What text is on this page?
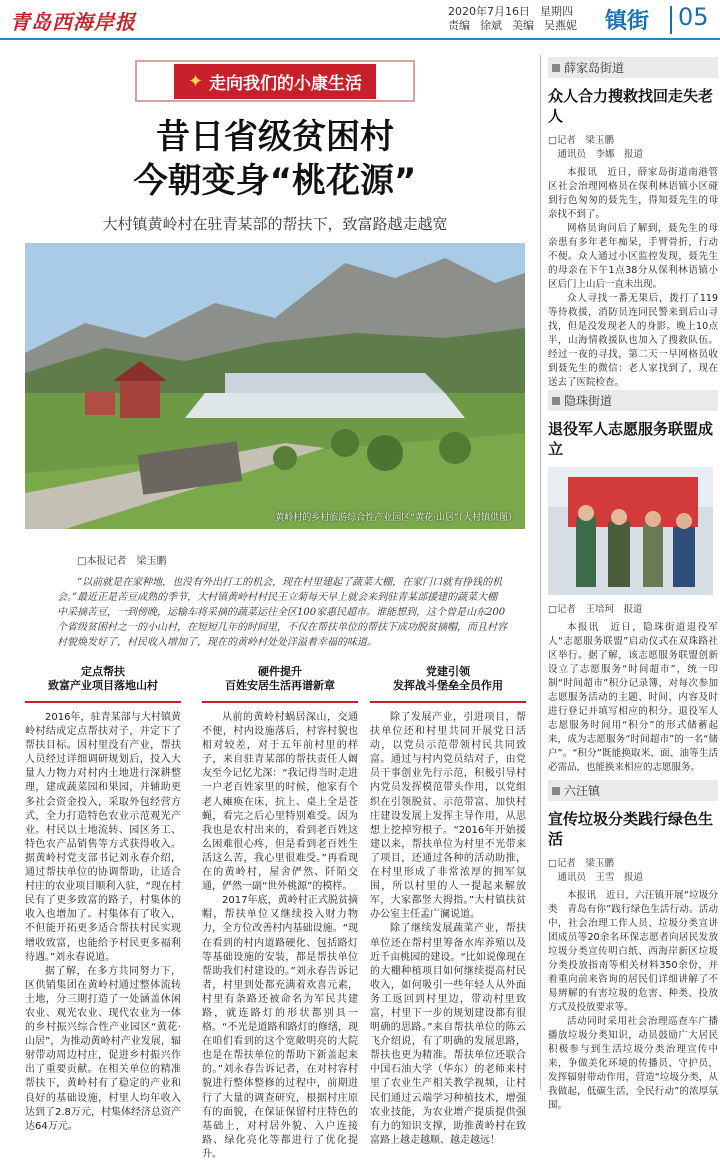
青岛西海岸报	2020年7月16日 星期四
责编 徐斌 美编 吴燕妮 镇街 05
✦ 走向我们的小康生活
昔日省级贫困村
今朝变身“桃花源”
大村镇黄岭村在驻青某部的帮扶下，致富路越走越宽
黄岭村的乡村旅游综合性产业园区“黄花·山居”（大村镇供图）
□本报记者　梁玉鹏
“以前就是在家种地，也没有外出打工的机会，现在村里建起了蔬菜大棚，在家门口就有挣钱的机会。”最近正是苦豆成熟的季节，大村镇黄岭村村民王立菊每天早上就会来到驻青某部援建的蔬菜大棚中采摘苦豆，一到傍晚，运输车将采摘的蔬菜运往全区100家惠民超市。谁能想到，这个曾是山东200个省级贫困村之一的小山村，在短短几年的时间里，不仅在帮扶单位的帮扶下成功脱贫摘帽，而且村容村貌焕发好了，村民收入增加了，现在的黄岭村处处洋溢着幸福的味道。
定点帮扶
致富产业项目落地山村

2016年，驻青某部与大村镇黄岭村结成定点帮扶对子，并定下了帮扶目标。因村里没有产业，帮扶人员经过详细调研规划后，投入大量人力物力对村内土地进行深耕整理，建成蔬菜园和果园，并辅助更多社会资金投入，采取外包经营方式，全力打造特色农业示范观光产业。村民以土地流转、园区务工、特色农产品销售等方式获得收入。据黄岭村党支部书记刘永春介绍，通过帮扶单位的协调帮助，让适合村庄的农业项目顺利入驻，“现在村民有了更多致富的路子，村集体的收入也增加了。村集体有了收入，不但能开拓更多适合帮扶村民实现增收致富，也能给予村民更多福利待遇。”刘永春说道。

据了解，在多方共同努力下，区供销集团在黄岭村通过整体流转土地，分三期打造了一处涵盖休闲农业、观光农业、现代农业为一体的乡村振兴综合性产业园区“黄花·山居”，为推动黄岭村产业发展，辐射带动周边村庄，促进乡村振兴作出了重要贡献。在相关单位的精准帮扶下，黄岭村有了稳定的产业和良好的基础设施，村里人均年收入达到了2.8万元，村集体经济总资产达64万元。

硬件提升
百姓安居生活再谱新章

从前的黄岭村蜗居深山，交通不便，村内设施落后，村容村貌也相对较差，对于五年前村里的样子，来自驻青某部的帮扶责任人阚友至今记忆尤深：“我记得当时走进一户老百姓家里的时候，他家有个老人瘫痪在床，抗上、桌上全是苍蝇，看完之后心里特别难受。因为我也是农村出来的，看到老百姓这么困难很心疼，但是看到老百姓生活这么苦，我心里很难受。”再看现在的黄岭村，屋舍俨然、阡陌交通，俨然一副“世外桃源”的模样。

2017年底，黄岭村正式脱贫摘帽，帮扶单位又继续投入财力物力，全方位改善村内基础设施。“现在看到的村内道路硬化、包括路灯等基础设施的安装，都是帮扶单位帮助我们村建设的。”刘永春告诉记者，村里到处都充满着欢喜元素，村里有条路还被命名为军民共建路，就连路灯的形状都别具一格。“不光是道路和路灯的修缮，现在咱们看到的这个宽敞明亮的大院也是在帮扶单位的帮助下新盖起来的。”刘永春告诉记者，在对村容村貌进行整体整修的过程中，前期进行了大量的调查研究，根据村庄原有的面貌，在保证保留村庄特色的基础上，对村居外貌、入户连接路、绿化亮化等都进行了优化提升。

党建引领
发挥战斗堡垒全员作用

除了发展产业，引进项目，帮扶单位还和村里共同开展党日活动，以党员示范带领村民共同致富。通过与村内党员结对子，由党员干事创业先行示范，积极引导村内党员发挥模范带头作用，以党组织在引领脱贫、示范带富、加快村庄建设发展上发挥主导作用，从思想上挖掉穷根子。“2016年开始援建以来，帮扶单位为村里不光带来了项目，还通过各种的活动助推，在村里形成了非常浓厚的拥军氛围，所以村里的人一提起来解放军，大家都竖大拇指。”大村镇扶贫办公室主任孟广澜说道。

除了继续发展蔬菜产业，帮扶单位还在帮村里筹备水库养殖以及近千亩桃园的建设。“比如说像现在的大棚种植项目如何继续提高村民收入，如何吸引一些年轻人从外面务工返回到村里边，带动村里致富，村里下一步的规划建设都有很明确的思路。”来自帮扶单位的陈云飞介绍说，有了明确的发展思路，帮扶也更为精准。帮扶单位还联合中国石油大学（华东）的老师来村里了农业生产相关教学视频，让村民们通过云端学习种植技术，增强农业技能，为农业增产提质提供强有力的知识支撑，助推黄岭村在致富路上越走越顺、越走越远！

薛家岛街道
众人合力搜救找回走失老人
□记者　梁玉鹏
　通讯员　李娜　报道

本报讯　近日，薛家岛街道南港管区社会治理网格员在保利林语镇小区碰到行色匆匆的聂先生，得知聂先生的母亲找不到了。

网格员询问后了解到，聂先生的母亲患有多年老年痴呆，手臂骨折，行动不便。众人通过小区监控发现，聂先生的母亲在下午1点38分从保利林语镇小区后门上山后一直未出现。

众人寻找一番无果后，拨打了119等待救援，消防员连同民警来到后山寻找，但是没发现老人的身影。晚上10点半，山海情救援队也加入了搜救队伍。经过一夜的寻找，第二天一早网格员收到聂先生的微信：老人家找到了，现在送去了医院检查。

隐珠街道
退役军人志愿服务联盟成立
□记者　王培珂　报道

本报讯　近日，隐珠街道退役军人“志愿服务联盟”启动仪式在双珠路社区举行。据了解，该志愿服务联盟创新设立了志愿服务“时间超市”，统一印制“时间超市”积分记录簿，对每次参加志愿服务活动的主题、时间、内容及时进行登记并填写相应的积分。退役军人志愿服务时间用“积分”的形式储蓄起来，成为志愿服务“时间超市”的一名“储户”。“积分”既能换取米、面、油等生活必需品，也能换来相应的志愿服务。

六汪镇
宣传垃圾分类践行绿色生活
□记者　梁玉鹏
　通讯员　王雪　报道

本报讯　近日，六汪镇开展“垃圾分类　青岛有你”践行绿色生活行动。活动中，社会治理工作人员、垃圾分类宣讲团成员等20余名环保志愿者向居民发放垃圾分类宣传明白纸、西海岸新区垃圾分类投放指南等相关材料350余份，并着重向前来咨询的居民们详细讲解了不易辨解的有害垃圾的危害、种类、投放方式及投放要求等。

活动同时采用社会治理巡查车广播播放垃圾分类知识，动员鼓励广大居民积极参与到生活垃圾分类治理宣传中来，争做美化环境的传播员、守护员，发挥辐射带动作用，营造“垃圾分类，从我做起，低碳生活，全民行动”的浓厚氛围。
